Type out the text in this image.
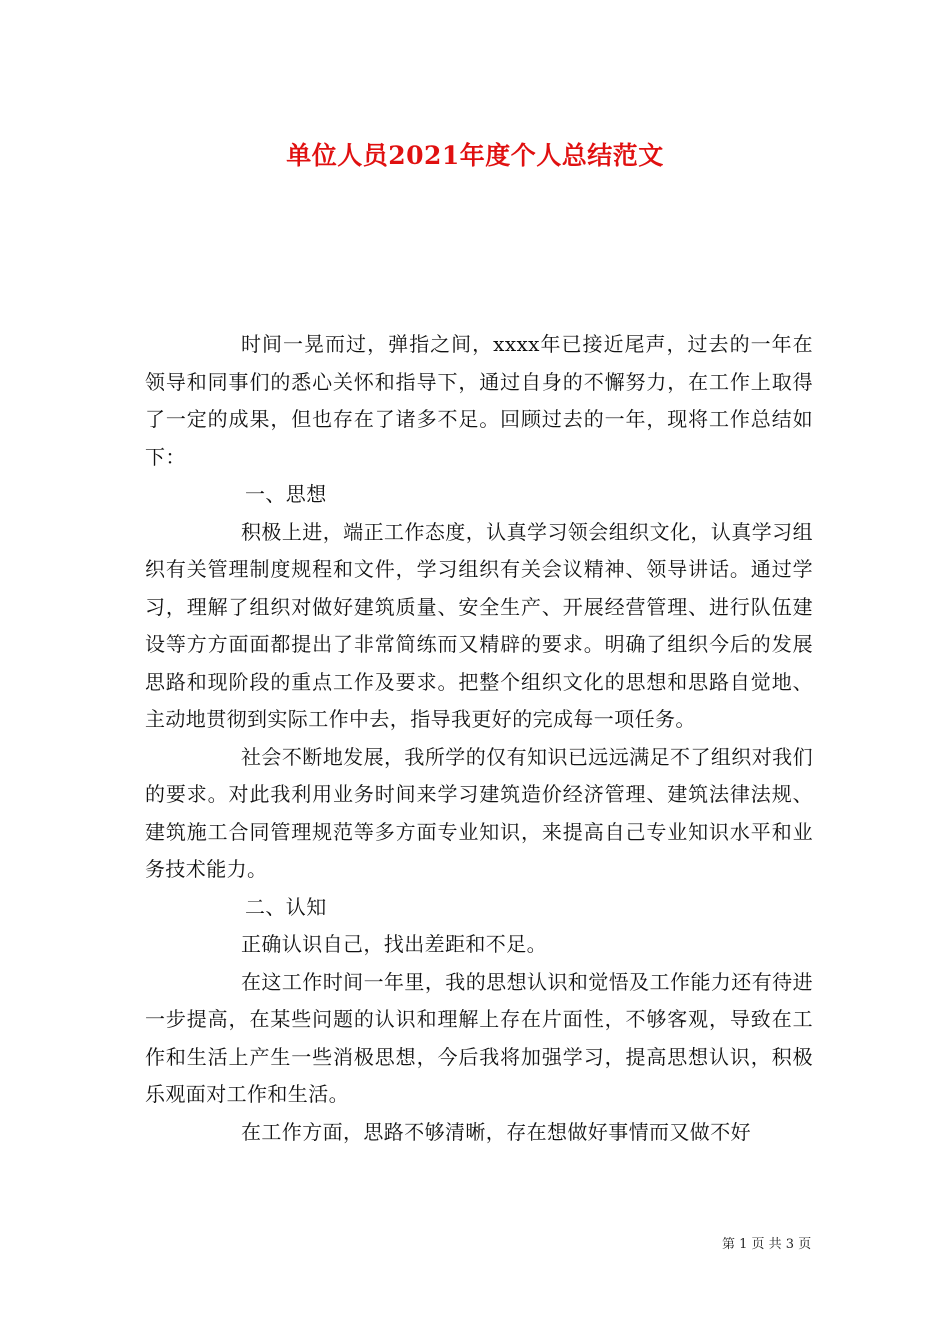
单位人员2021年度个人总结范文

时间一晃而过，弹指之间，xxxx年已接近尾声，过去的一年在领导和同事们的悉心关怀和指导下，通过自身的不懈努力，在工作上取得了一定的成果，但也存在了诸多不足。回顾过去的一年，现将工作总结如下：

一、思想

积极上进，端正工作态度，认真学习领会组织文化，认真学习组织有关管理制度规程和文件，学习组织有关会议精神、领导讲话。通过学习，理解了组织对做好建筑质量、安全生产、开展经营管理、进行队伍建设等方方面面都提出了非常简练而又精辟的要求。明确了组织今后的发展思路和现阶段的重点工作及要求。把整个组织文化的思想和思路自觉地、主动地贯彻到实际工作中去，指导我更好的完成每一项任务。

社会不断地发展，我所学的仅有知识已远远满足不了组织对我们的要求。对此我利用业务时间来学习建筑造价经济管理、建筑法律法规、建筑施工合同管理规范等多方面专业知识，来提高自己专业知识水平和业务技术能力。

二、认知

正确认识自己，找出差距和不足。

在这工作时间一年里，我的思想认识和觉悟及工作能力还有待进一步提高，在某些问题的认识和理解上存在片面性，不够客观，导致在工作和生活上产生一些消极思想，今后我将加强学习，提高思想认识，积极乐观面对工作和生活。

在工作方面，思路不够清晰，存在想做好事情而又做不好

第 1 页 共 3 页
